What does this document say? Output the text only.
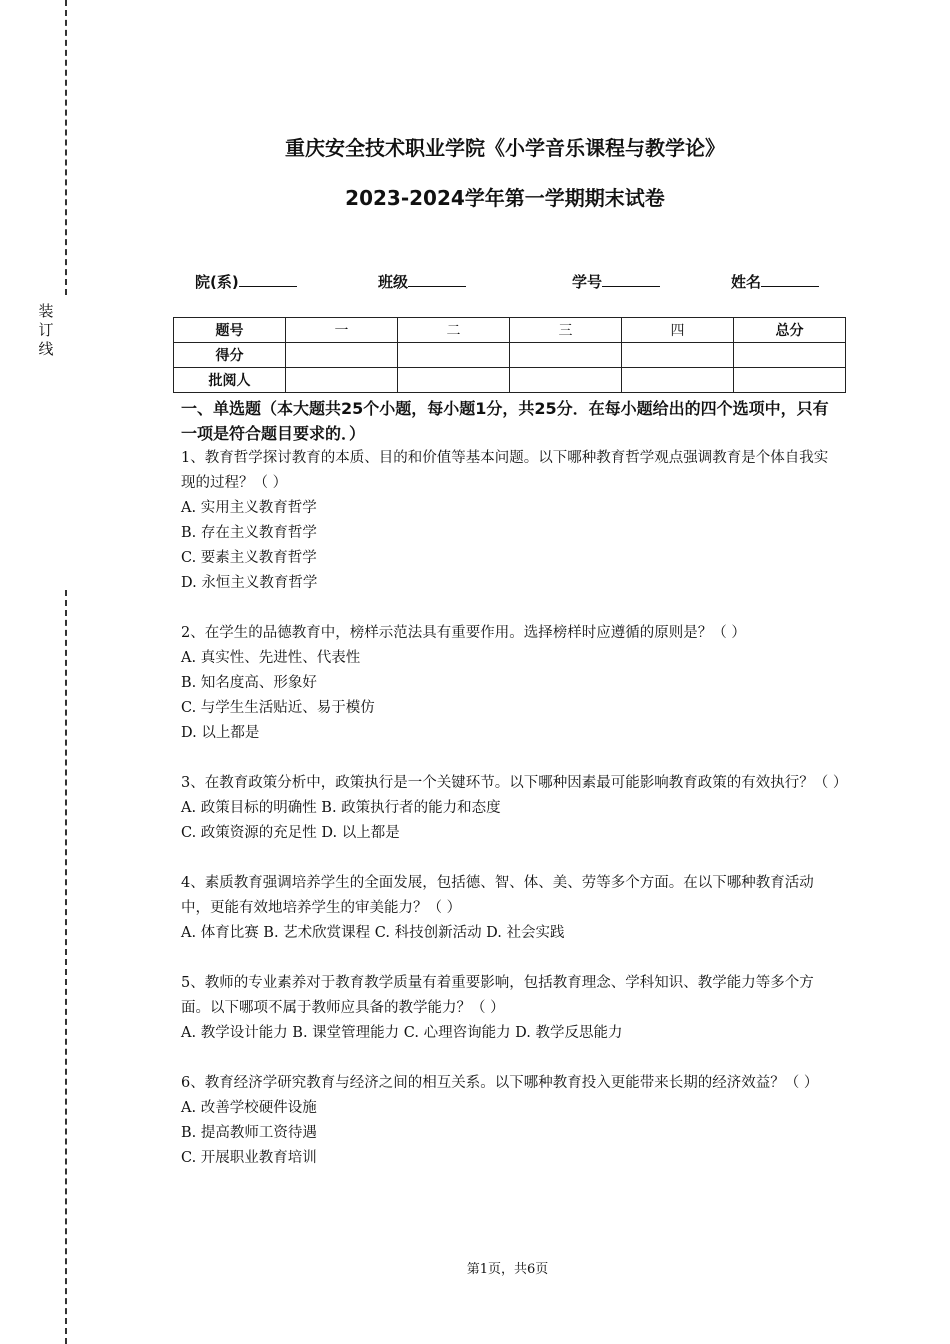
装
订
线
重庆安全技术职业学院《小学音乐课程与教学论》
2023-2024学年第一学期期末试卷
院(系)	班级	学号	姓名
题号	一	二	三	四	总分
得分					
批阅人					

一、单选题（本大题共25个小题，每小题1分，共25分．在每小题给出的四个选项中，只有一项是符合题目要求的．）

1、教育哲学探讨教育的本质、目的和价值等基本问题。以下哪种教育哲学观点强调教育是个体自我实现的过程？（ ）

A. 实用主义教育哲学

B. 存在主义教育哲学

C. 要素主义教育哲学

D. 永恒主义教育哲学

2、在学生的品德教育中，榜样示范法具有重要作用。选择榜样时应遵循的原则是？（ ）

A. 真实性、先进性、代表性

B. 知名度高、形象好

C. 与学生生活贴近、易于模仿

D. 以上都是

3、在教育政策分析中，政策执行是一个关键环节。以下哪种因素最可能影响教育政策的有效执行？（ ）

A. 政策目标的明确性 B. 政策执行者的能力和态度

C. 政策资源的充足性 D. 以上都是

4、素质教育强调培养学生的全面发展，包括德、智、体、美、劳等多个方面。在以下哪种教育活动中，更能有效地培养学生的审美能力？（ ）

A. 体育比赛 B. 艺术欣赏课程 C. 科技创新活动 D. 社会实践

5、教师的专业素养对于教育教学质量有着重要影响，包括教育理念、学科知识、教学能力等多个方面。以下哪项不属于教师应具备的教学能力？（ ）

A. 教学设计能力 B. 课堂管理能力 C. 心理咨询能力 D. 教学反思能力

6、教育经济学研究教育与经济之间的相互关系。以下哪种教育投入更能带来长期的经济效益？（ ）

A. 改善学校硬件设施

B. 提高教师工资待遇

C. 开展职业教育培训

第1页，共6页
